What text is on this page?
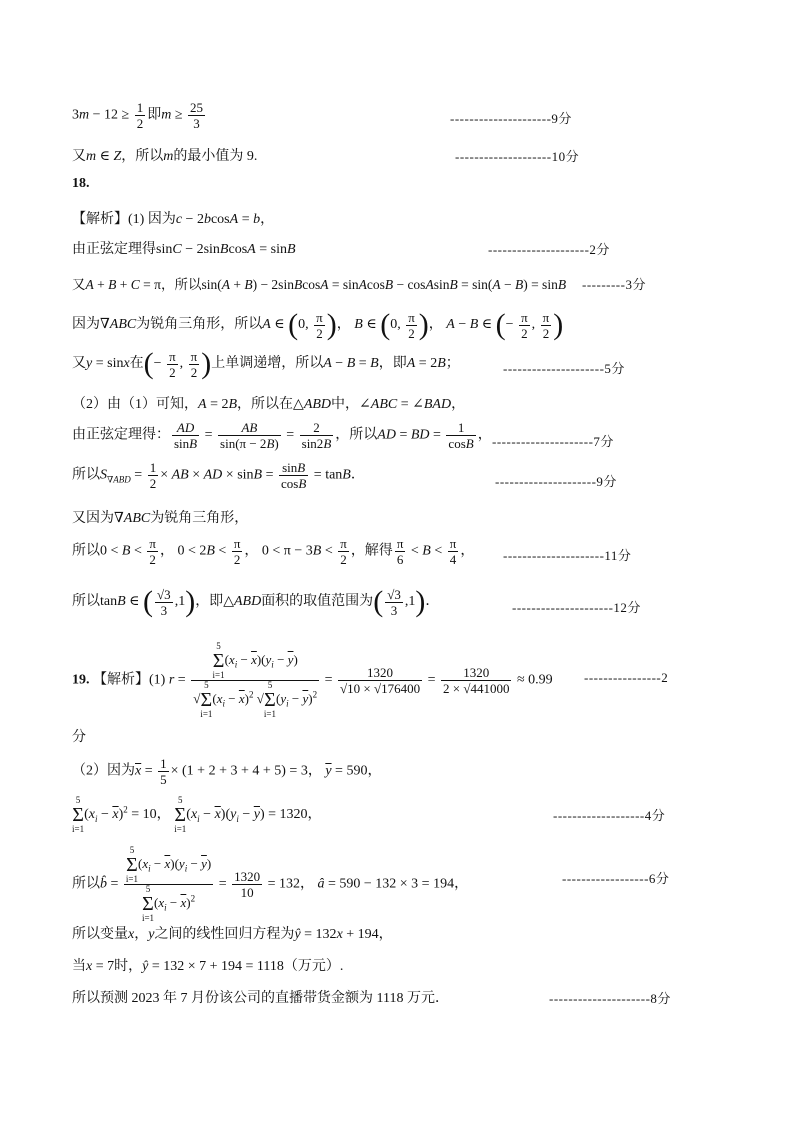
$3m - 12 \ge \frac{1}{2}$ 即$m \ge \frac{25}{3}$	---------------------9分
又m ∈ Z，所以m的最小值为 9.	--------------------10分
18.
【解析】(1) 因为c − 2bcosA = b，
由正弦定理得sinC − 2sinBcosA = sinB	---------------------2分
又A + B + C = π，所以sin(A + B) − 2sinBcosA = sinAcosB − cosAsinB = sin(A − B) = sinB ---------3分
因为∇ABC为锐角三角形，所以A ∈ (0, $\frac{\pi}{2}$ )， B ∈ (0, $\frac{\pi}{2}$ )， A − B ∈ (− $\frac{\pi}{2}$ , $\frac{\pi}{2}$ )
又y = sinx在(− $\frac{\pi}{2}$ , $\frac{\pi}{2}$ )上单调递增，所以A − B = B，即A = 2B；	---------------------5分
（2）由（1）可知，A = 2B，所以在△ABD中，∠ABC = ∠BAD，
由正弦定理得： $\frac{AD}{\sin B} = \frac{AB}{\sin(\pi - 2B)} = \frac{2}{\sin 2B}$ ，所以AD = BD = $\frac{1}{\cos B}$ ， ---------------------7分
所以$S_{\nabla ABD} = \frac{1}{2}$ × AB × AD × $\sin B = \frac{\sin B}{\cos B} = \tan B$．	---------------------9分
又因为∇ABC为锐角三角形，
所以$0 < B < \frac{\pi}{2}$ ， $0 < 2B < \frac{\pi}{2}$ ， $0 < \pi - 3B < \frac{\pi}{2}$ ，解得 $\frac{\pi}{6} < B < \frac{\pi}{4}$ ， ---------------------11分
所以tanB ∈ ( $\frac{√3}{3} ,1$)，即△ABD面积的取值范围为( $\frac{√3}{3} ,1$)．	---------------------12分
19. 【解析】(1) r = 5
Σ
$i=1(x_i - \overline{x})(y_i - \overline{y})$
√5
Σ
$i=1(x_i - \overline{x})^2$ √5
Σ
$i=1(y_i - \overline{y})^2 = \frac{1320}{√10 \times √176400} = \frac{1320}{2 \times √441000} \approx 0.99$ ----------------2
分
（2）因为$\overline{x} = \frac{1}{5} \times (1 + 2 + 3 + 4 + 5) = 3$， $\overline{y} = 590$，
5
Σ
$i=1(x_i - \overline{x})^2 = 10$， 5
Σ
$i=1(x_i - \overline{x})(y_i - \overline{y}) = 1320$，	-------------------4分
所以b̂ = 5
Σ
$i=1(x_i - \overline{x})(y_i - \overline{y})$
5
Σ
$i=1(x_i - \overline{x})^2 = \frac{1320}{10} = 132$， â = 590 − 132 × 3 = 194，	------------------6分
所以变量x，y之间的线性回归方程为ŷ = 132x + 194，
当x = 7时，ŷ = 132 × 7 + 194 = 1118（万元）.
所以预测 2023 年 7 月份该公司的直播带货金额为 1118 万元．	---------------------8分
